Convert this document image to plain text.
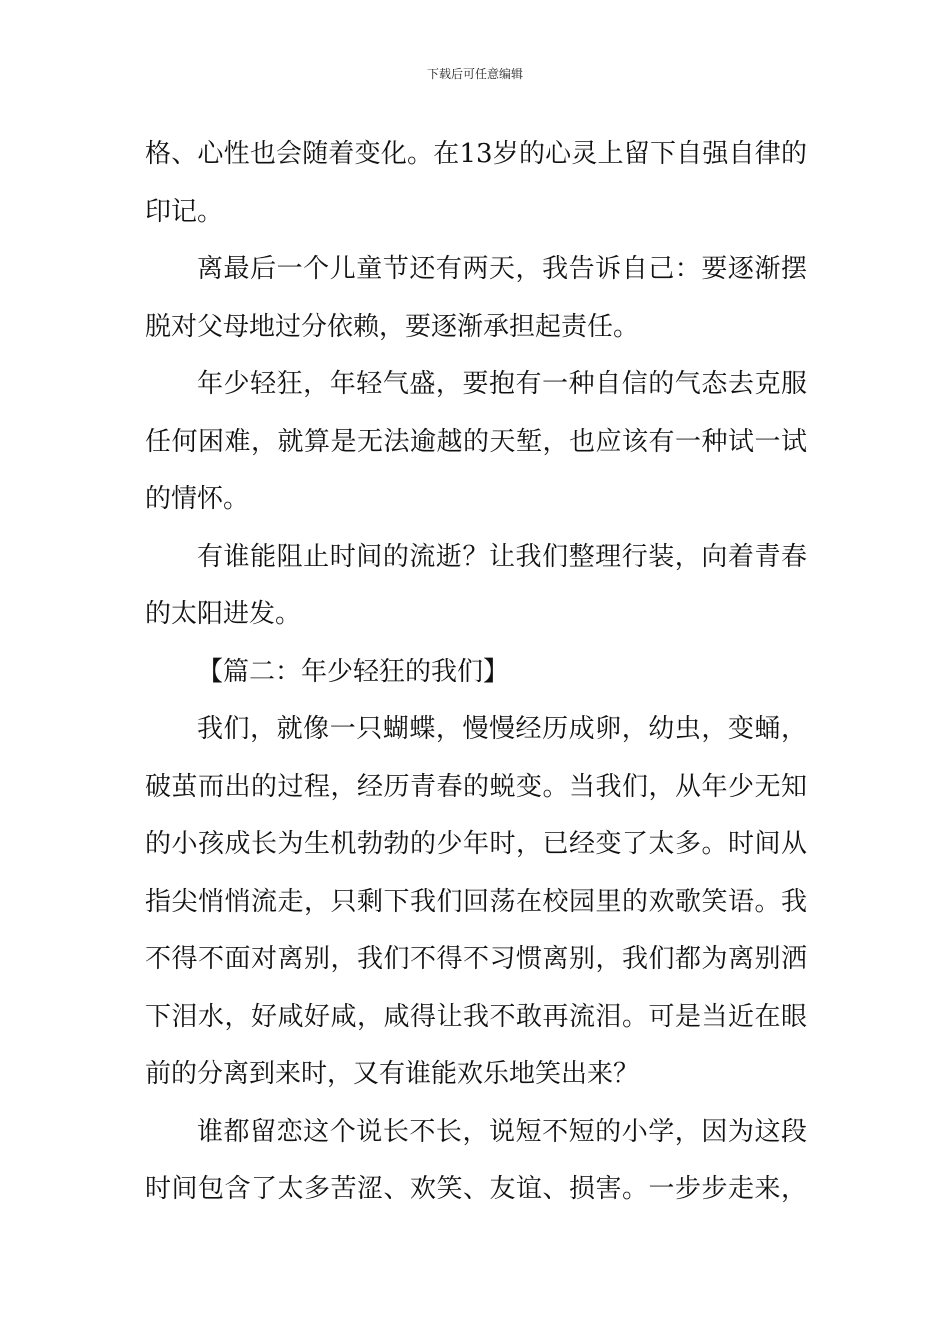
下载后可任意编辑
格、心性也会随着变化。在13岁的心灵上留下自强自律的
印记。
离最后一个儿童节还有两天，我告诉自己：要逐渐摆
脱对父母地过分依赖，要逐渐承担起责任。
年少轻狂，年轻气盛，要抱有一种自信的气态去克服
任何困难，就算是无法逾越的天堑，也应该有一种试一试
的情怀。
有谁能阻止时间的流逝？让我们整理行装，向着青春
的太阳进发。
【篇二：年少轻狂的我们】
我们，就像一只蝴蝶，慢慢经历成卵，幼虫，变蛹，
破茧而出的过程，经历青春的蜕变。当我们，从年少无知
的小孩成长为生机勃勃的少年时，已经变了太多。时间从
指尖悄悄流走，只剩下我们回荡在校园里的欢歌笑语。我
不得不面对离别，我们不得不习惯离别，我们都为离别洒
下泪水，好咸好咸，咸得让我不敢再流泪。可是当近在眼
前的分离到来时，又有谁能欢乐地笑出来？
谁都留恋这个说长不长，说短不短的小学，因为这段
时间包含了太多苦涩、欢笑、友谊、损害。一步步走来，
